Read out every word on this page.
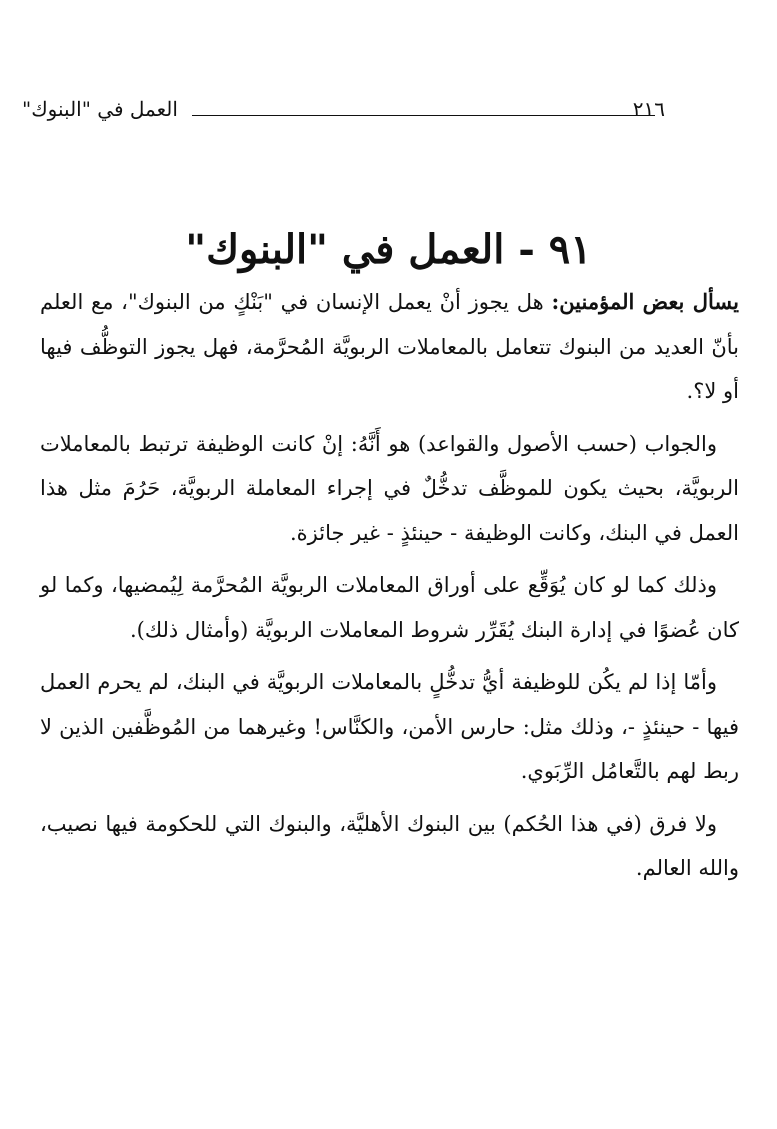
العمل في "البنوك"	٢١٦
٩١ - العمل في "البنوك"

يسأل بعض المؤمنين: هل يجوز أنْ يعمل الإنسان في "بَنْكٍ من البنوك"، مع العلم بأنّ العديد من البنوك تتعامل بالمعاملات الربويَّة المُحرَّمة، فهل يجوز التوظُّف فيها أو لا؟.

والجواب (حسب الأصول والقواعد) هو أَنَّهُ: إنْ كانت الوظيفة ترتبط بالمعاملات الربويَّة، بحيث يكون للموظَّف تدخُّلٌ في إجراء المعاملة الربويَّة، حَرُمَ مثل هذا العمل في البنك، وكانت الوظيفة - حينئذٍ - غير جائزة.

وذلك كما لو كان يُوَقِّع على أوراق المعاملات الربويَّة المُحرَّمة لِيُمضيها، وكما لو كان عُضوًا في إدارة البنك يُقَرِّر شروط المعاملات الربويَّة (وأمثال ذلك).

وأمّا إذا لم يكُن للوظيفة أيُّ تدخُّلٍ بالمعاملات الربويَّة في البنك، لم يحرم العمل فيها - حينئذٍ -، وذلك مثل: حارس الأمن، والكنَّاس! وغيرهما من المُوظَّفين الذين لا ربط لهم بالتَّعامُل الرِّبَوي.

ولا فرق (في هذا الحُكم) بين البنوك الأهليَّة، والبنوك التي للحكومة فيها نصيب، والله العالم.
